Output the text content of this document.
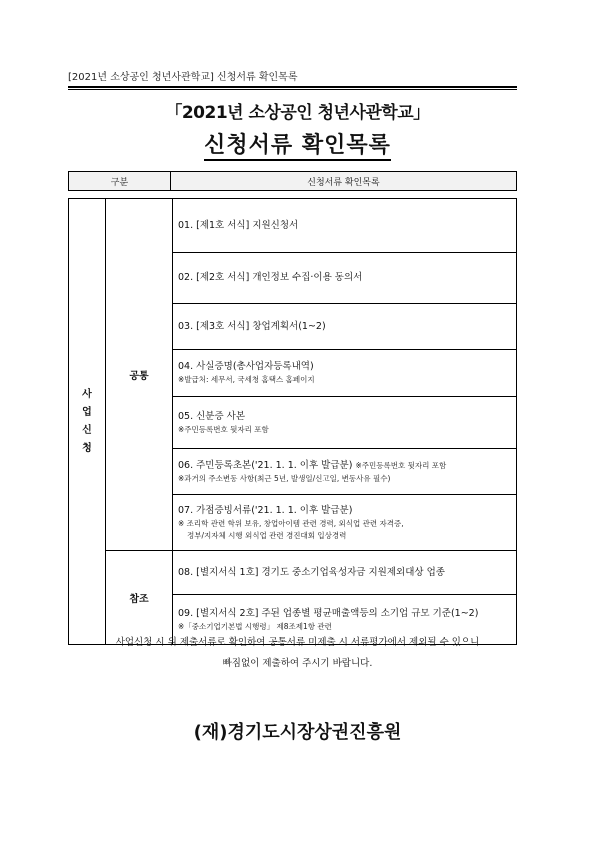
[2021년 소상공인 청년사관학교] 신청서류 확인목록
「2021년 소상공인 청년사관학교」
신청서류 확인목록
구분	신청서류 확인목록
사
업
신
청	공통	01. [제1호 서식] 지원신청서

		02. [제2호 서식] 개인정보 수집·이용 동의서

		03. [제3호 서식] 창업계획서(1~2)

		04. 사실증명(총사업자등록내역)
※발급처: 세무서, 국세청 홈택스 홈페이지

		05. 신분증 사본
※주민등록번호 뒷자리 포함

		06. 주민등록초본('21. 1. 1. 이후 발급분) ※주민등록번호 뒷자리 포함
※과거의 주소변동 사항(최근 5년, 발생일/신고일, 변동사유 필수)

		07. 가점증빙서류('21. 1. 1. 이후 발급분)
※ 조리학 관련 학위 보유, 창업아이템 관련 경력, 외식업 관련 자격증,
정부/지자체 시행 외식업 관련 경진대회 입상경력

	참조	08. [별지서식 1호] 경기도 중소기업육성자금 지원제외대상 업종

		09. [별지서식 2호] 주된 업종별 평균매출액등의 소기업 규모 기준(1~2)
※「중소기업기본법 시행령」 제8조제1항 관련
사업신청 시 위 제출서류로 확인하여 공통서류 미제출 시 서류평가에서 제외될 수 있으니
빠짐없이 제출하여 주시기 바랍니다.
(재)경기도시장상권진흥원
